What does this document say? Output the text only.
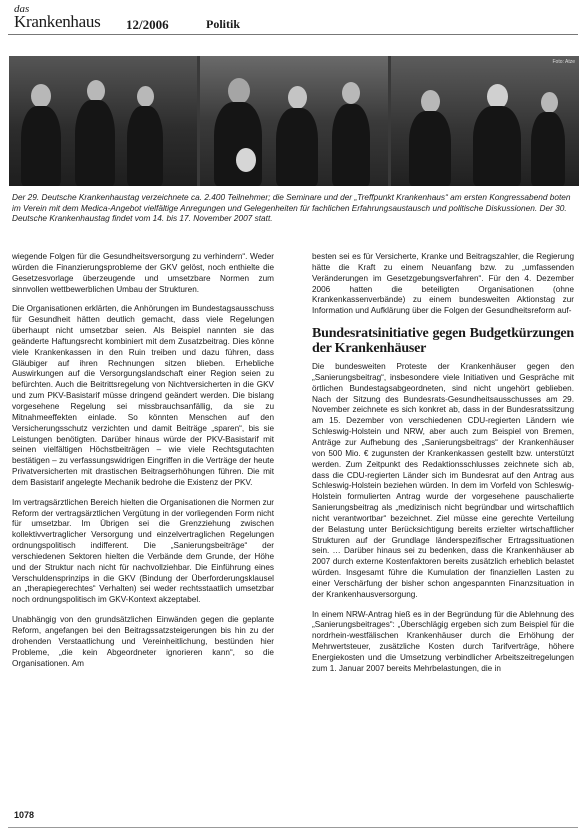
das
Krankenhaus 12/2006	Politik
Foto: Atze
Der 29. Deutsche Krankenhaustag verzeichnete ca. 2.400 Teilnehmer; die Seminare und der „Treffpunkt Krankenhaus“ am ersten Kongressabend boten im Verein mit dem Medica-Angebot vielfältige Anregungen und Gelegenheiten für fachlichen Erfahrungsaustausch und politische Diskussionen. Der 30. Deutsche Krankenhaustag findet vom 14. bis 17. November 2007 statt.

wiegende Folgen für die Gesundheitsversorgung zu verhindern“. Weder würden die Finanzierungsprobleme der GKV gelöst, noch enthielte die Gesetzesvorlage überzeugende und umsetzbare Normen zum sinnvollen wettbewerblichen Umbau der Strukturen.

Die Organisationen erklärten, die Anhörungen im Bundestagsausschuss für Gesundheit hätten deutlich gemacht, dass viele Regelungen überhaupt nicht umsetzbar seien. Als Beispiel nannten sie das geänderte Haftungsrecht kombiniert mit dem Zusatzbeitrag. Dies könne viele Krankenkassen in den Ruin treiben und dazu führen, dass Gläubiger auf ihren Rechnungen sitzen blieben. Erhebliche Auswirkungen auf die Versorgungslandschaft einer Region seien zu befürchten. Auch die Beitrittsregelung von Nichtversicherten in die GKV und zum PKV-Basistarif müsse dringend geändert werden. Die bislang vorgesehene Regelung sei missbrauchsanfällig, da sie zu Mitnahmeeffekten einlade. So könnten Menschen auf den Versicherungsschutz verzichten und damit Beiträge „sparen“, bis sie Leistungen benötigten. Darüber hinaus würde der PKV-Basistarif mit seinen vielfältigen Höchstbeiträgen – wie viele Rechtsgutachten bestätigen – zu verfassungswidrigen Eingriffen in die Verträge der heute Privatversicherten mit drastischen Beitragserhöhungen führen. Die mit dem Basistarif angelegte Mechanik bedrohe die Existenz der PKV.

Im vertragsärztlichen Bereich hielten die Organisationen die Normen zur Reform der vertragsärztlichen Vergütung in der vorliegenden Form nicht für umsetzbar. Im Übrigen sei die Grenzziehung zwischen kollektivvertraglicher Versorgung und einzelvertraglichen Regelungen ordnungspolitisch indifferent. Die „Sanierungsbeiträge“ der verschiedenen Sektoren hielten die Verbände dem Grunde, der Höhe und der Struktur nach nicht für nachvollziehbar. Die Einführung eines Verschuldensprinzips in die GKV (Bindung der Überforderungsklausel an „therapiegerechtes“ Verhalten) sei weder rechtsstaatlich umsetzbar noch ordnungspolitisch im GKV-Kontext akzeptabel.

Unabhängig von den grundsätzlichen Einwänden gegen die geplante Reform, angefangen bei den Beitragssatzsteigerungen bis hin zu der drohenden Verstaatlichung und Vereinheitlichung, bestünden hier Probleme, „die kein Abgeordneter ignorieren kann“, so die Organisationen. Am

besten sei es für Versicherte, Kranke und Beitragszahler, die Regierung hätte die Kraft zu einem Neuanfang bzw. zu „umfassenden Veränderungen im Gesetzgebungsverfahren“. Für den 4. Dezember 2006 hatten die beteiligten Organisationen (ohne Krankenkassenverbände) zu einem bundesweiten Aktionstag zur Information und Aufklärung über die Folgen der Gesundheitsreform auf-

Bundesratsinitiative gegen Budgetkürzungen der Krankenhäuser

Die bundesweiten Proteste der Krankenhäuser gegen den „Sanierungsbeitrag“, insbesondere viele Initiativen und Gespräche mit örtlichen Bundestagsabgeordneten, sind nicht ungehört geblieben. Nach der Sitzung des Bundesrats-Gesundheitsausschusses am 29. November zeichnete es sich konkret ab, dass in der Bundesratssitzung am 15. Dezember von verschiedenen CDU-regierten Ländern wie Schleswig-Holstein und NRW, aber auch zum Beispiel von Bremen, Anträge zur Aufhebung des „Sanierungsbeitrags“ der Krankenhäuser von 500 Mio. € zugunsten der Krankenkassen gestellt bzw. unterstützt werden. Zum Zeitpunkt des Redaktionsschlusses zeichnete sich ab, dass die CDU-regierten Länder sich im Bundesrat auf den Antrag aus Schleswig-Holstein beziehen würden. In dem im Vorfeld von Schleswig-Holstein formulierten Antrag wurde der vorgesehene pauschalierte Sanierungsbeitrag als „medizinisch nicht begründbar und wirtschaftlich nicht verantwortbar“ bezeichnet. Ziel müsse eine gerechte Verteilung der Belastung unter Berücksichtigung bereits erzielter wirtschaftlicher Strukturen auf der Grundlage länderspezifischer Ertragssituationen sein. … Darüber hinaus sei zu bedenken, dass die Krankenhäuser ab 2007 durch externe Kostenfaktoren bereits zusätzlich erheblich belastet würden. Insgesamt führe die Kumulation der finanziellen Lasten zu einer Verschärfung der bisher schon angespannten Finanzsituation in der Krankenhausversorgung.

In einem NRW-Antrag hieß es in der Begründung für die Ablehnung des „Sanierungsbeitrages“: „Überschlägig ergeben sich zum Beispiel für die nordrhein-westfälischen Krankenhäuser durch die Erhöhung der Mehrwertsteuer, zusätzliche Kosten durch Tarifverträge, höhere Energiekosten und die Umsetzung verbindlicher Arbeitszeitregelungen zum 1. Januar 2007 bereits Mehrbelastungen, die in

1078
